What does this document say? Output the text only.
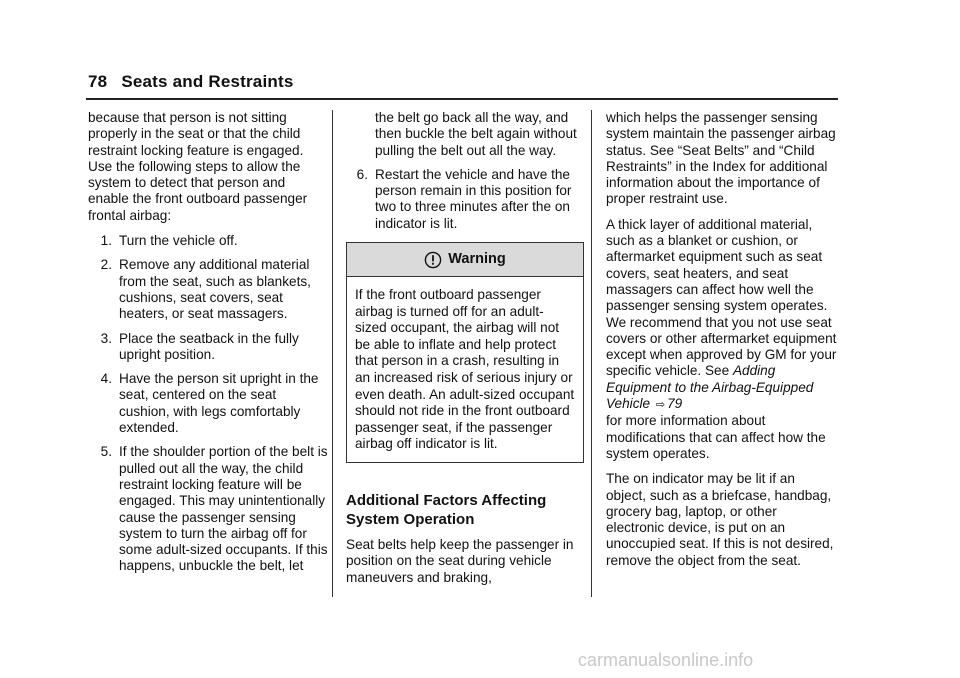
78 Seats and Restraints

because that person is not sitting properly in the seat or that the child restraint locking feature is engaged. Use the following steps to allow the system to detect that person and enable the front outboard passenger frontal airbag:

1. Turn the vehicle off.
2. Remove any additional material from the seat, such as blankets, cushions, seat covers, seat heaters, or seat massagers.
3. Place the seatback in the fully upright position.
4. Have the person sit upright in the seat, centered on the seat cushion, with legs comfortably extended.
5. If the shoulder portion of the belt is pulled out all the way, the child restraint locking feature will be engaged. This may unintentionally cause the passenger sensing system to turn the airbag off for some adult-sized occupants. If this happens, unbuckle the belt, let
the belt go back all the way, and then buckle the belt again without pulling the belt out all the way.
6. Restart the vehicle and have the person remain in this position for two to three minutes after the on indicator is lit.
Warning
If the front outboard passenger airbag is turned off for an adult-sized occupant, the airbag will not be able to inflate and help protect that person in a crash, resulting in an increased risk of serious injury or even death. An adult-sized occupant should not ride in the front outboard passenger seat, if the passenger airbag off indicator is lit.
Additional Factors Affecting System Operation

Seat belts help keep the passenger in position on the seat during vehicle maneuvers and braking,

which helps the passenger sensing system maintain the passenger airbag status. See “Seat Belts” and “Child Restraints” in the Index for additional information about the importance of proper restraint use.

A thick layer of additional material, such as a blanket or cushion, or aftermarket equipment such as seat covers, seat heaters, and seat massagers can affect how well the passenger sensing system operates. We recommend that you not use seat covers or other aftermarket equipment except when approved by GM for your specific vehicle. See Adding Equipment to the Airbag-Equipped Vehicle ⇨ 79
for more information about modifications that can affect how the system operates.

The on indicator may be lit if an object, such as a briefcase, handbag, grocery bag, laptop, or other electronic device, is put on an unoccupied seat. If this is not desired, remove the object from the seat.

carmanualsonline.info
